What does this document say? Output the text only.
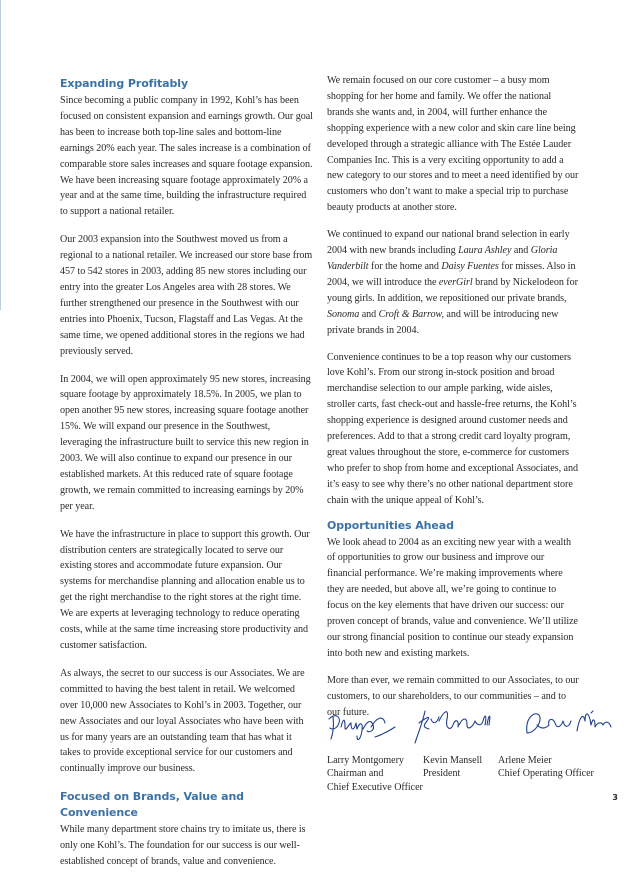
Expanding Profitably

Since becoming a public company in 1992, Kohl’s has been focused on consistent expansion and earnings growth. Our goal has been to increase both top-line sales and bottom-line earnings 20% each year. The sales increase is a combination of comparable store sales increases and square footage expansion. We have been increasing square footage approximately 20% a year and at the same time, building the infrastructure required to support a national retailer.

Our 2003 expansion into the Southwest moved us from a regional to a national retailer. We increased our store base from 457 to 542 stores in 2003, adding 85 new stores including our entry into the greater Los Angeles area with 28 stores. We further strengthened our presence in the Southwest with our entries into Phoenix, Tucson, Flagstaff and Las Vegas. At the same time, we opened additional stores in the regions we had previously served.

In 2004, we will open approximately 95 new stores, increasing square footage by approximately 18.5%. In 2005, we plan to open another 95 new stores, increasing square footage another 15%. We will expand our presence in the Southwest, leveraging the infrastructure built to service this new region in 2003. We will also continue to expand our presence in our established markets. At this reduced rate of square footage growth, we remain committed to increasing earnings by 20% per year.

We have the infrastructure in place to support this growth. Our distribution centers are strategically located to serve our existing stores and accommodate future expansion. Our systems for merchandise planning and allocation enable us to get the right merchandise to the right stores at the right time. We are experts at leveraging technology to reduce operating costs, while at the same time increasing store productivity and customer satisfaction.

As always, the secret to our success is our Associates. We are committed to having the best talent in retail. We welcomed over 10,000 new Associates to Kohl’s in 2003. Together, our new Associates and our loyal Associates who have been with us for many years are an outstanding team that has what it takes to provide exceptional service for our customers and continually improve our business.

Focused on Brands, Value and Convenience

While many department store chains try to imitate us, there is only one Kohl’s. The foundation for our success is our well-established concept of brands, value and convenience.

We remain focused on our core customer – a busy mom shopping for her home and family. We offer the national brands she wants and, in 2004, will further enhance the shopping experience with a new color and skin care line being developed through a strategic alliance with The Estée Lauder Companies Inc. This is a very exciting opportunity to add a new category to our stores and to meet a need identified by our customers who don’t want to make a special trip to purchase beauty products at another store.

We continued to expand our national brand selection in early 2004 with new brands including Laura Ashley and Gloria Vanderbilt for the home and Daisy Fuentes for misses. Also in 2004, we will introduce the everGirl brand by Nickelodeon for young girls. In addition, we repositioned our private brands, Sonoma and Croft & Barrow, and will be introducing new private brands in 2004.

Convenience continues to be a top reason why our customers love Kohl’s. From our strong in-stock position and broad merchandise selection to our ample parking, wide aisles, stroller carts, fast check-out and hassle-free returns, the Kohl’s shopping experience is designed around customer needs and preferences. Add to that a strong credit card loyalty program, great values throughout the store, e-commerce for customers who prefer to shop from home and exceptional Associates, and it’s easy to see why there’s no other national department store chain with the unique appeal of Kohl’s.

Opportunities Ahead

We look ahead to 2004 as an exciting new year with a wealth of opportunities to grow our business and improve our financial performance. We’re making improvements where they are needed, but above all, we’re going to continue to focus on the key elements that have driven our success: our proven concept of brands, value and convenience. We’ll utilize our strong financial position to continue our steady expansion into both new and existing markets.

More than ever, we remain committed to our Associates, to our customers, to our shareholders, to our communities – and to our future.

Larry Montgomery
Chairman and
Chief Executive Officer
Kevin Mansell
President
Arlene Meier
Chief Operating Officer
3
